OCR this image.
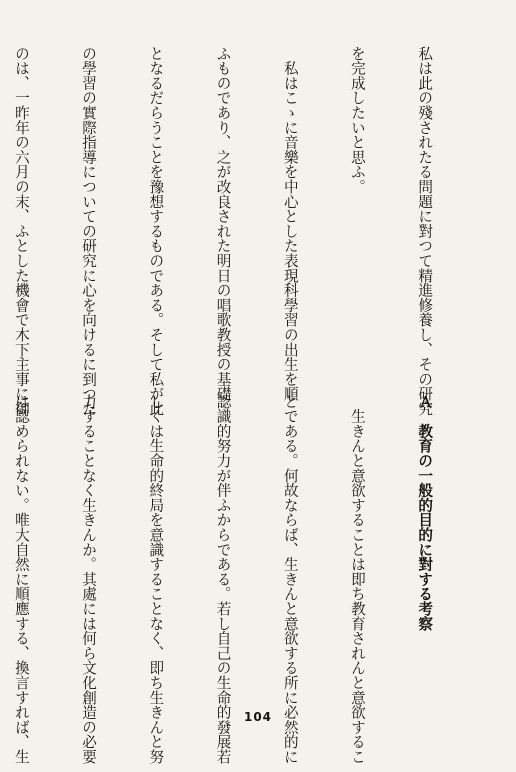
私は此の殘されたる問題に對つて精進修養し、その研究

を完成したいと思ふ。

　私はこゝに音樂を中心とした表現科學習の出生を順

ふものであり、之が改良された明日の唱歌教授の基礎

となるだらうことを豫想するものである。そして私が此

の學習の實際指導についての研究に心を向けるに到つた

のは、一昨年の六月の末、ふとした機會で木下主事に御

Ａ　教育の一般的目的に對する考察

　生きんと意欲することは即ち教育されんと意欲するこ

とである。何故ならば、生きんと意欲する所に必然的に

認識的努力が伴ふからである。若し自己の生命的發展若

しくは生命的終局を意識することなく、即ち生きんと努

力することなく生きんか。其處には何ら文化創造の必要

は認められない。唯大自然に順應する、換言すれば、生

	104
